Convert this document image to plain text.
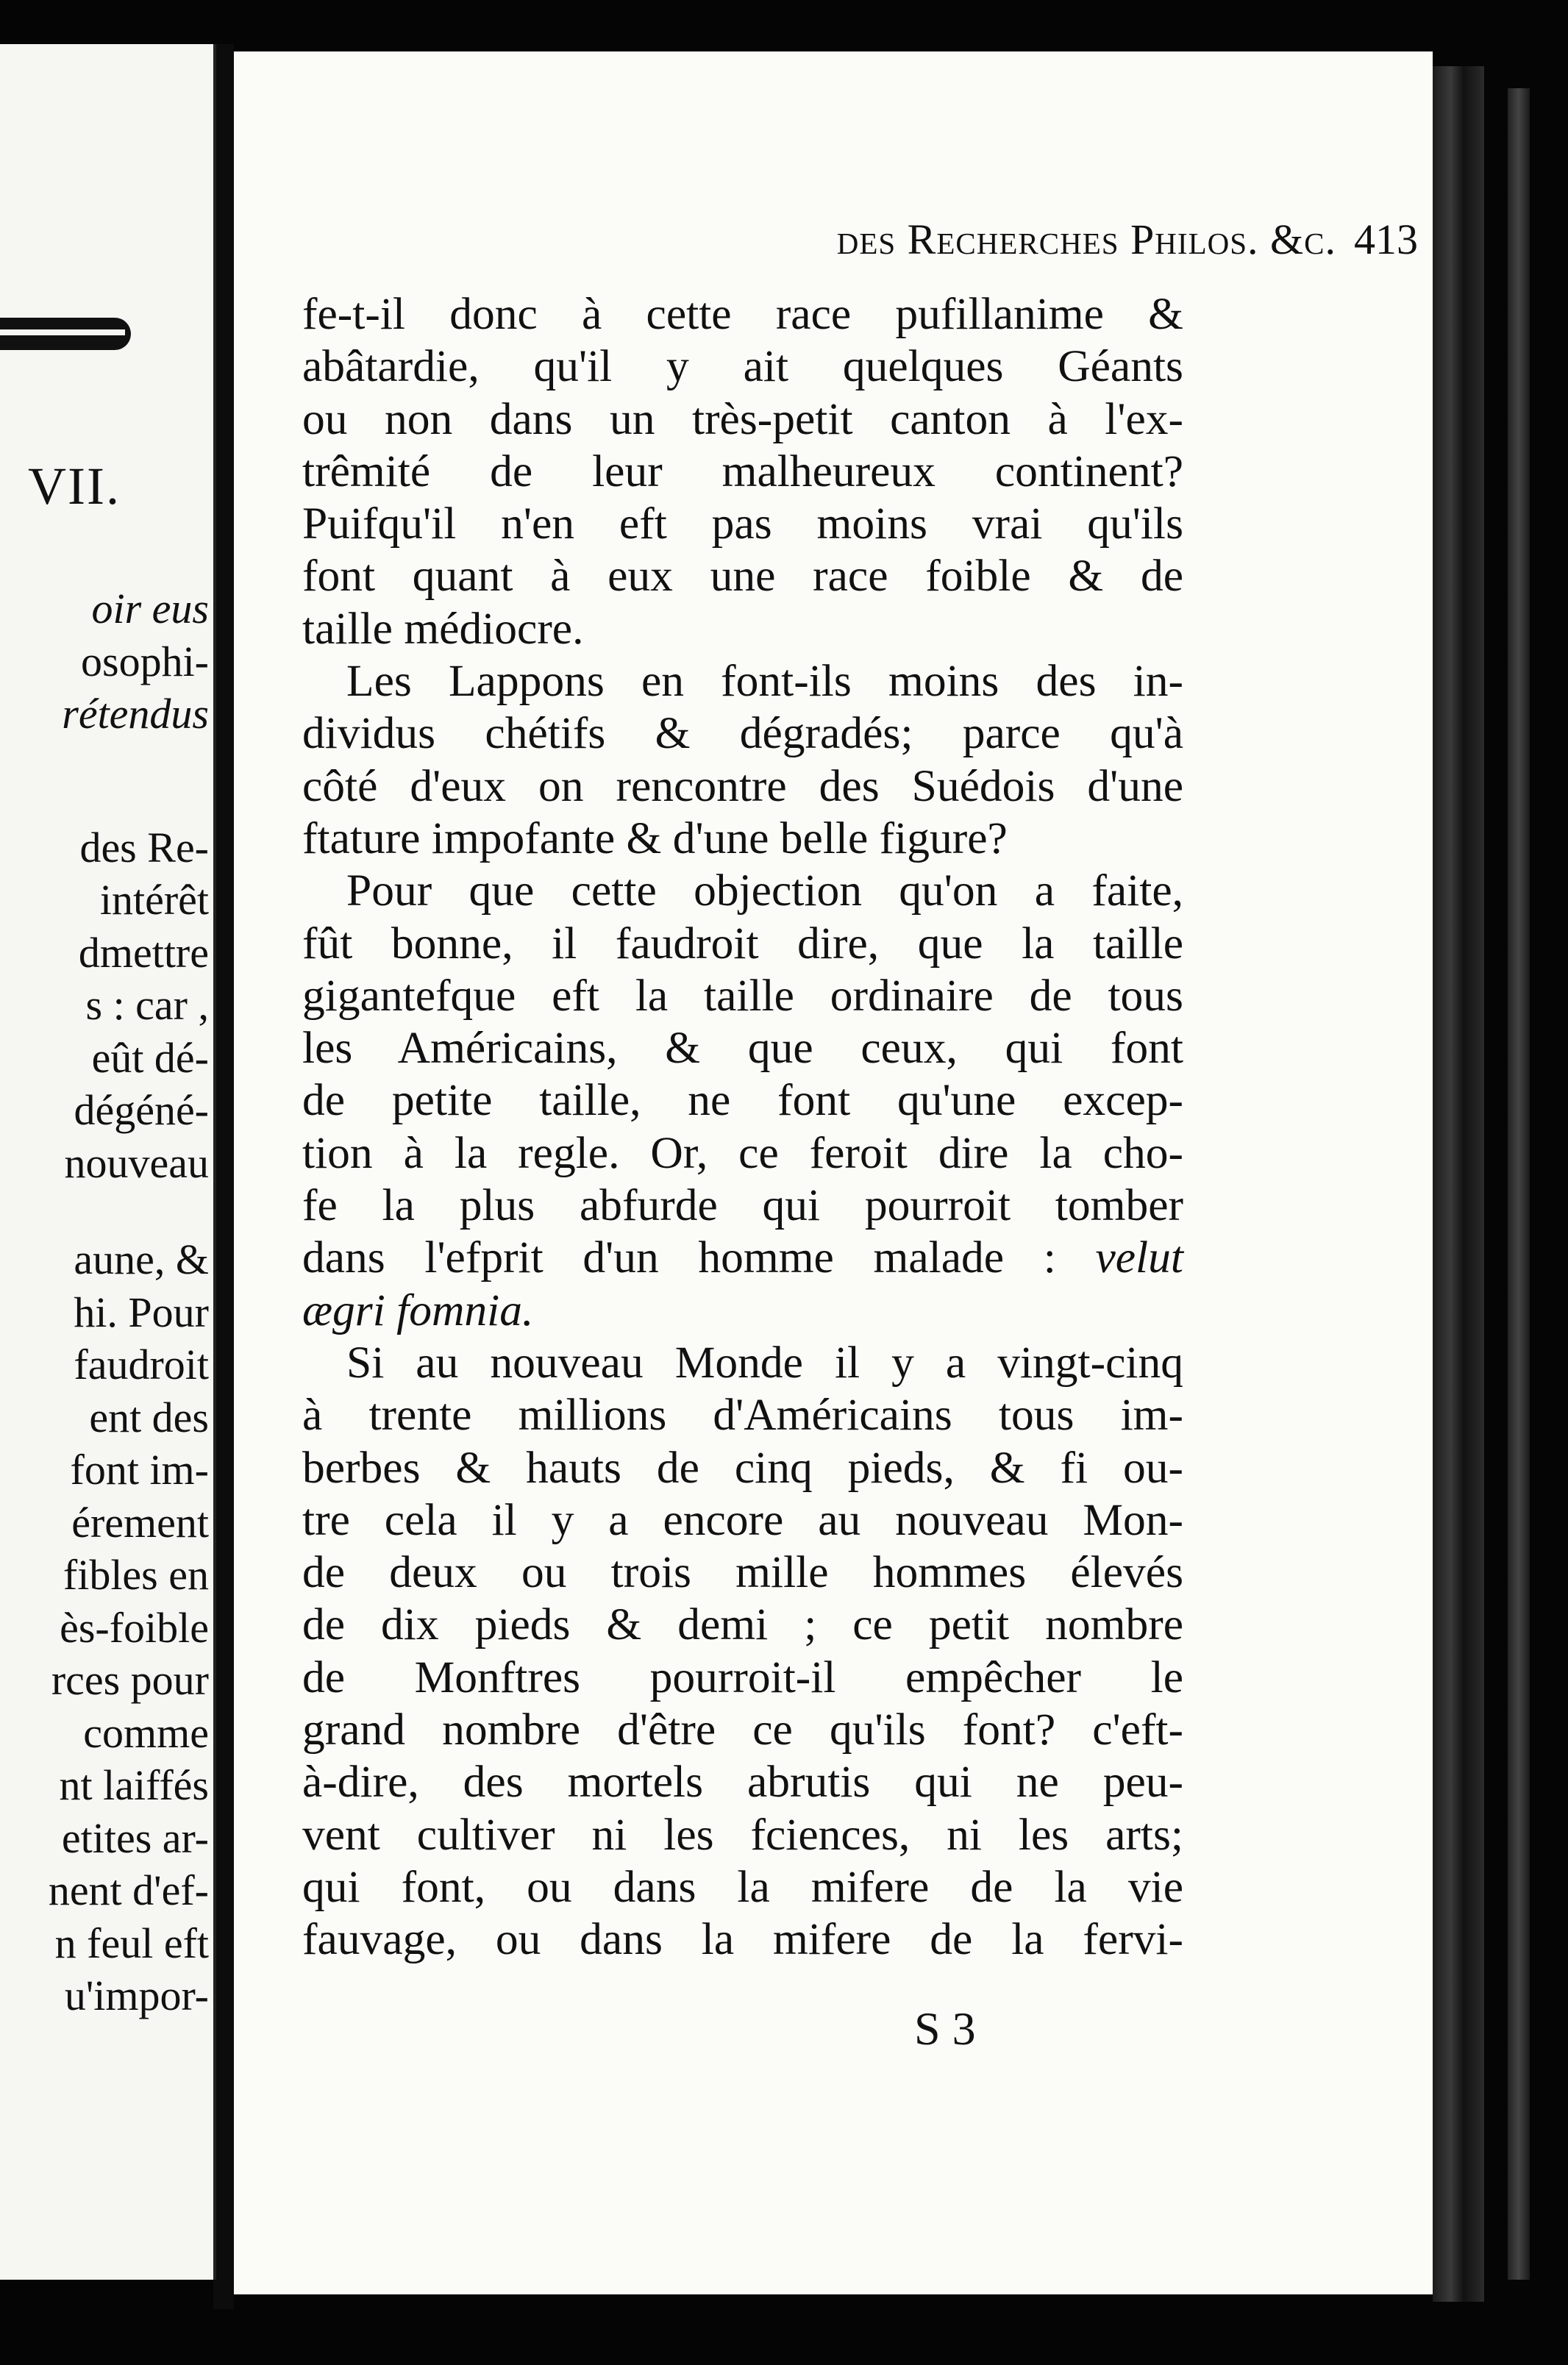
VII.
oir eus
osophi-
rétendus
des Re-
intérêt
dmettre
s : car ,
eût dé-
dégéné-
nouveau
aune, &
hi. Pour
faudroit
ent des
font im-
érement
fibles en
ès-foible
rces pour
comme
nt laiffés
etites ar-
nent d'ef-
n feul eft
u'impor-
des Recherches Philos. &c. 413
fe-t-il donc à cette race pufillanime &
abâtardie, qu'il y ait quelques Géants
ou non dans un très-petit canton à l'ex-
trêmité de leur malheureux continent?
Puifqu'il n'en eft pas moins vrai qu'ils
font quant à eux une race foible & de
taille médiocre.
Les Lappons en font-ils moins des in-
dividus chétifs & dégradés; parce qu'à
côté d'eux on rencontre des Suédois d'une
ftature impofante & d'une belle figure?
Pour que cette objection qu'on a faite,
fût bonne, il faudroit dire, que la taille
gigantefque eft la taille ordinaire de tous
les Américains, & que ceux, qui font
de petite taille, ne font qu'une excep-
tion à la regle. Or, ce feroit dire la cho-
fe la plus abfurde qui pourroit tomber
dans l'efprit d'un homme malade : velut
ægri fomnia.
Si au nouveau Monde il y a vingt-cinq
à trente millions d'Américains tous im-
berbes & hauts de cinq pieds, & fi ou-
tre cela il y a encore au nouveau Mon-
de deux ou trois mille hommes élevés
de dix pieds & demi ; ce petit nombre
de Monftres pourroit-il empêcher le
grand nombre d'être ce qu'ils font? c'eft-
à-dire, des mortels abrutis qui ne peu-
vent cultiver ni les fciences, ni les arts;
qui font, ou dans la mifere de la vie
fauvage, ou dans la mifere de la fervi-
S 3
